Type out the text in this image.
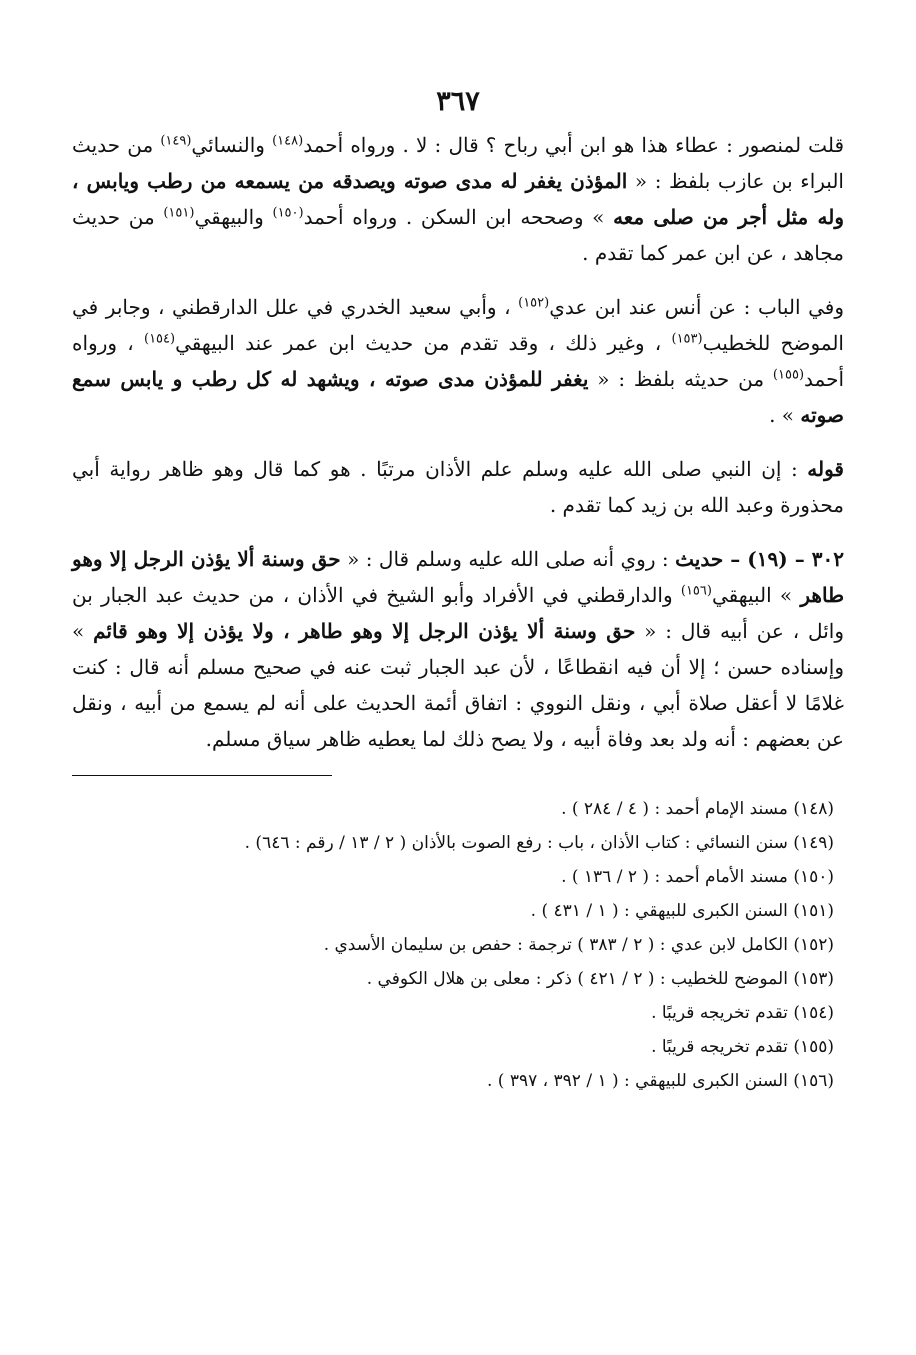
٣٦٧

قلت لمنصور : عطاء هذا هو ابن أبي رباح ؟ قال : لا . ورواه أحمد$^{(١٤٨)}$ والنسائي$^{(١٤٩)}$ من حديث البراء بن عازب بلفظ : « المؤذن يغفر له مدى صوته ويصدقه من يسمعه من رطب ويابس ، وله مثل أجر من صلى معه » وصححه ابن السكن . ورواه أحمد$^{(١٥٠)}$ والبيهقي$^{(١٥١)}$ من حديث مجاهد ، عن ابن عمر كما تقدم .

وفي الباب : عن أنس عند ابن عدي$^{(١٥٢)}$ ، وأبي سعيد الخدري في علل الدارقطني ، وجابر في الموضح للخطيب$^{(١٥٣)}$ ، وغير ذلك ، وقد تقدم من حديث ابن عمر عند البيهقي$^{(١٥٤)}$ ، ورواه أحمد$^{(١٥٥)}$ من حديثه بلفظ : « يغفر للمؤذن مدى صوته ، ويشهد له كل رطب و يابس سمع صوته » .

قوله : إن النبي صلى الله عليه وسلم علم الأذان مرتبًا . هو كما قال وهو ظاهر رواية أبي محذورة وعبد الله بن زيد كما تقدم .

٣٠٢ – (١٩) – حديث : روي أنه صلى الله عليه وسلم قال : « حق وسنة ألا يؤذن الرجل إلا وهو طاهر » البيهقي$^{(١٥٦)}$ والدارقطني في الأفراد وأبو الشيخ في الأذان ، من حديث عبد الجبار بن وائل ، عن أبيه قال : « حق وسنة ألا يؤذن الرجل إلا وهو طاهر ، ولا يؤذن إلا وهو قائم » وإسناده حسن ؛ إلا أن فيه انقطاعًا ، لأن عبد الجبار ثبت عنه في صحيح مسلم أنه قال : كنت غلامًا لا أعقل صلاة أبي ، ونقل النووي : اتفاق أئمة الحديث على أنه لم يسمع من أبيه ، ونقل عن بعضهم : أنه ولد بعد وفاة أبيه ، ولا يصح ذلك لما يعطيه ظاهر سياق مسلم.

(١٤٨) مسند الإمام أحمد : ( ٤ / ٢٨٤ ) .
(١٤٩) سنن النسائي : كتاب الأذان ، باب : رفع الصوت بالأذان ( ٢ / ١٣ / رقم : ٦٤٦) .
(١٥٠) مسند الأمام أحمد : ( ٢ / ١٣٦ ) .
(١٥١) السنن الكبرى للبيهقي : ( ١ / ٤٣١ ) .
(١٥٢) الكامل لابن عدي : ( ٢ / ٣٨٣ ) ترجمة : حفص بن سليمان الأسدي .
(١٥٣) الموضح للخطيب : ( ٢ / ٤٢١ ) ذكر : معلى بن هلال الكوفي .
(١٥٤) تقدم تخريجه قريبًا .
(١٥٥) تقدم تخريجه قريبًا .
(١٥٦) السنن الكبرى للبيهقي : ( ١ / ٣٩٢ ، ٣٩٧ ) .
